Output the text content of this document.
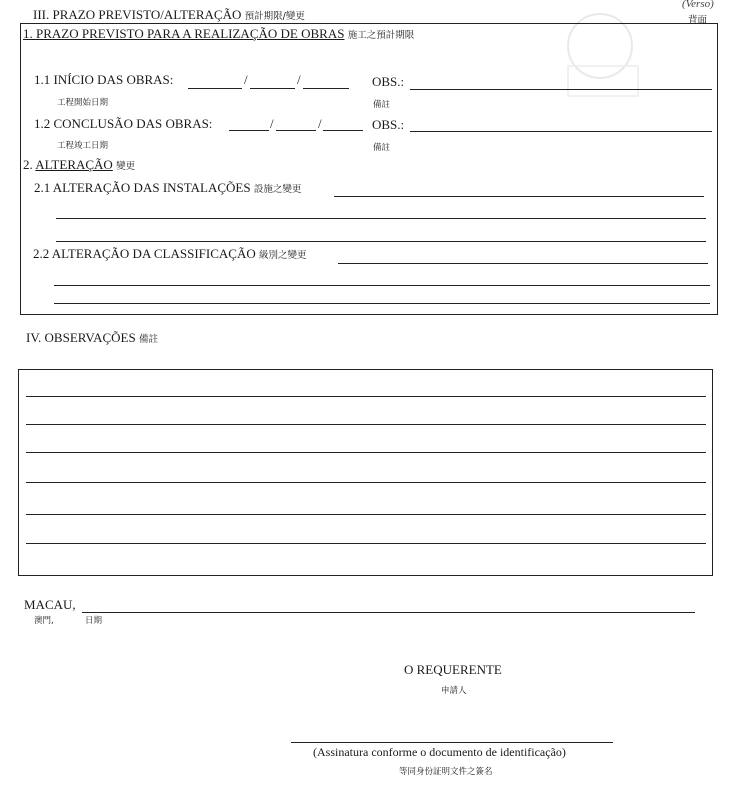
(Verso)
背面
III. PRAZO PREVISTO/ALTERAÇÃO 預計期限/變更
1. PRAZO PREVISTO PARA A REALIZAÇÃO DE OBRAS 施工之預計期限
1.1 INÍCIO DAS OBRAS:	/	/	OBS.:
工程開始日期	備註
1.2 CONCLUSÃO DAS OBRAS:	/	/	OBS.:
工程竣工日期	備註
2. ALTERAÇÃO 變更
2.1 ALTERAÇÃO DAS INSTALAÇÕES 設施之變更
2.2 ALTERAÇÃO DA CLASSIFICAÇÃO 級別之變更
IV. OBSERVAÇÕES 備註
MACAU,
澳門,	日期
O REQUERENTE
申請人
(Assinatura conforme o documento de identificação)
等同身份証明文件之簽名
